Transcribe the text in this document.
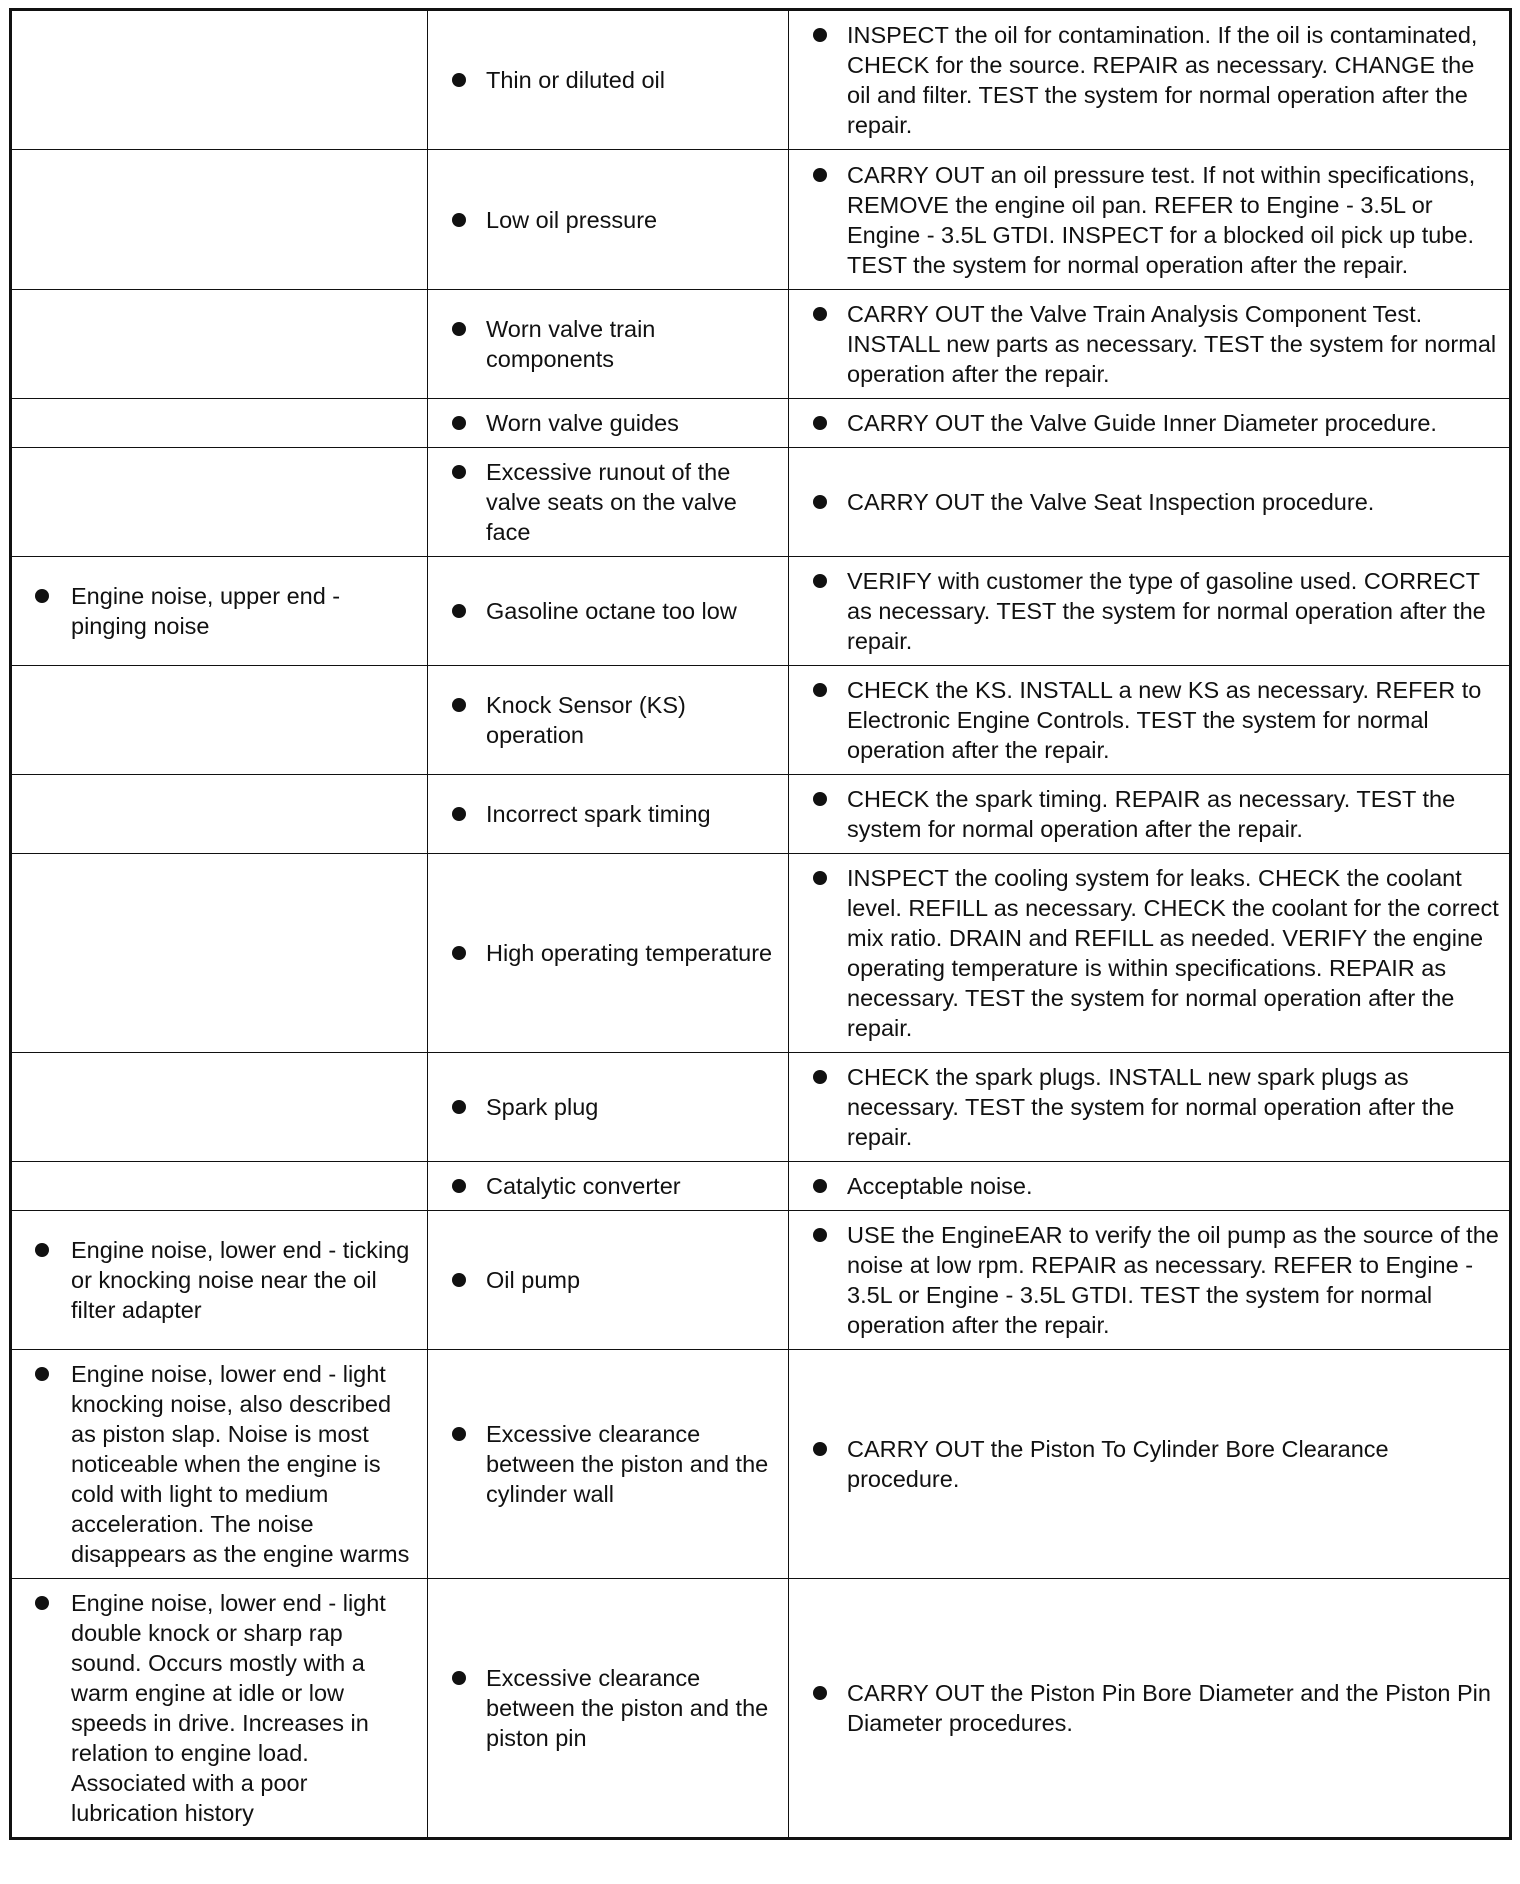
	Thin or diluted oil	INSPECT the oil for contamination. If the oil is contaminated, CHECK for the source. REPAIR as necessary. CHANGE the oil and filter. TEST the system for normal operation after the repair.

	Low oil pressure	CARRY OUT an oil pressure test. If not within specifications, REMOVE the engine oil pan. REFER to Engine - 3.5L or Engine - 3.5L GTDI. INSPECT for a blocked oil pick up tube. TEST the system for normal operation after the repair.

	Worn valve train components	CARRY OUT the Valve Train Analysis Component Test. INSTALL new parts as necessary. TEST the system for normal operation after the repair.

	Worn valve guides	CARRY OUT the Valve Guide Inner Diameter procedure.

	Excessive runout of the valve seats on the valve face	CARRY OUT the Valve Seat Inspection procedure.

Engine noise, upper end - pinging noise	Gasoline octane too low	VERIFY with customer the type of gasoline used. CORRECT as necessary. TEST the system for normal operation after the repair.

	Knock Sensor (KS) operation	CHECK the KS. INSTALL a new KS as necessary. REFER to Electronic Engine Controls. TEST the system for normal operation after the repair.

	Incorrect spark timing	CHECK the spark timing. REPAIR as necessary. TEST the system for normal operation after the repair.

	High operating temperature	INSPECT the cooling system for leaks. CHECK the coolant level. REFILL as necessary. CHECK the coolant for the correct mix ratio. DRAIN and REFILL as needed. VERIFY the engine operating temperature is within specifications. REPAIR as necessary. TEST the system for normal operation after the repair.

	Spark plug	CHECK the spark plugs. INSTALL new spark plugs as necessary. TEST the system for normal operation after the repair.

	Catalytic converter	Acceptable noise.

Engine noise, lower end - ticking or knocking noise near the oil filter adapter	Oil pump	USE the EngineEAR to verify the oil pump as the source of the noise at low rpm. REPAIR as necessary. REFER to Engine - 3.5L or Engine - 3.5L GTDI. TEST the system for normal operation after the repair.

Engine noise, lower end - light knocking noise, also described as piston slap. Noise is most noticeable when the engine is cold with light to medium acceleration. The noise disappears as the engine warms	Excessive clearance between the piston and the cylinder wall	CARRY OUT the Piston To Cylinder Bore Clearance procedure.

Engine noise, lower end - light double knock or sharp rap sound. Occurs mostly with a warm engine at idle or low speeds in drive. Increases in relation to engine load. Associated with a poor lubrication history	Excessive clearance between the piston and the piston pin	CARRY OUT the Piston Pin Bore Diameter and the Piston Pin Diameter procedures.
